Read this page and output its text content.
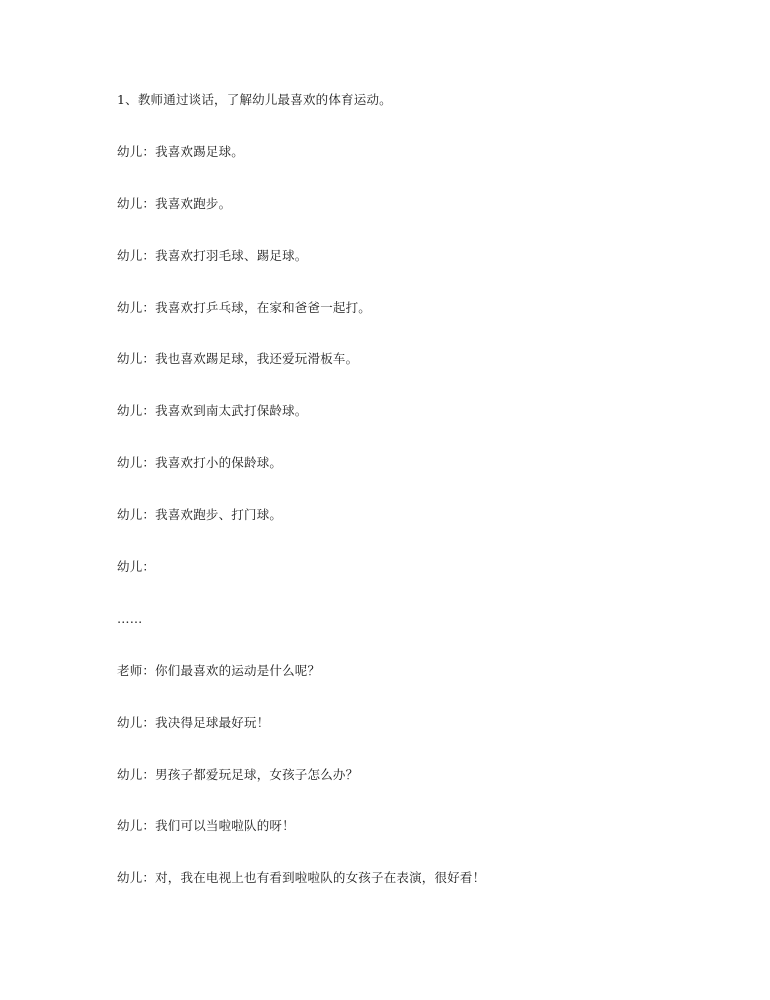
1、教师通过谈话，了解幼儿最喜欢的体育运动。
幼儿：我喜欢踢足球。
幼儿：我喜欢跑步。
幼儿：我喜欢打羽毛球、踢足球。
幼儿：我喜欢打乒乓球，在家和爸爸一起打。
幼儿：我也喜欢踢足球，我还爱玩滑板车。
幼儿：我喜欢到南太武打保龄球。
幼儿：我喜欢打小的保龄球。
幼儿：我喜欢跑步、打门球。
幼儿：
……
老师：你们最喜欢的运动是什么呢？
幼儿：我决得足球最好玩！
幼儿：男孩子都爱玩足球，女孩子怎么办？
幼儿：我们可以当啦啦队的呀！
幼儿：对，我在电视上也有看到啦啦队的女孩子在表演，很好看！
